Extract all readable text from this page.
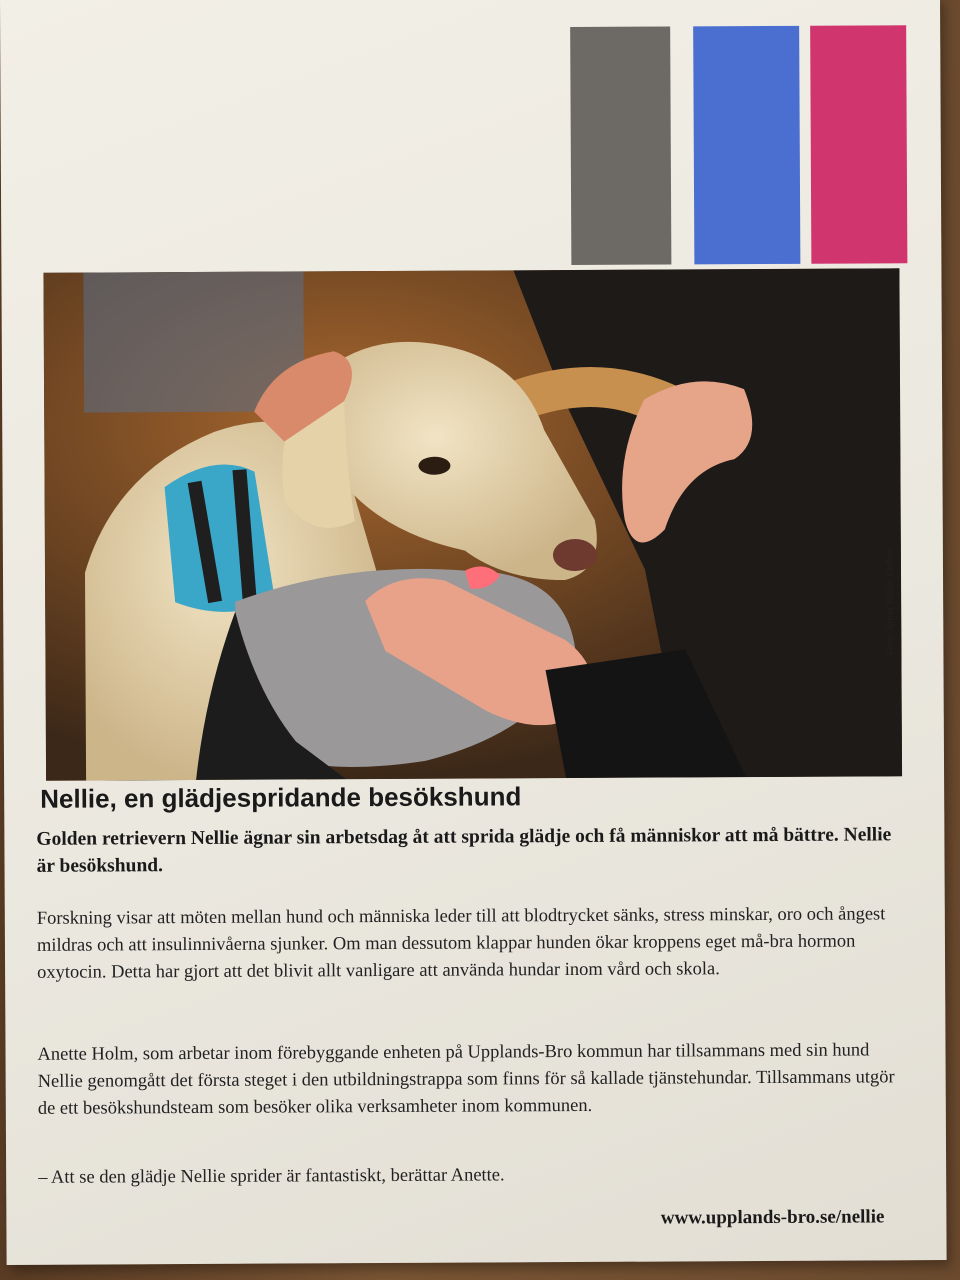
Foto: Anna Malm Kelfve
Nellie, en glädjespridande besökshund

Golden retrievern Nellie ägnar sin arbetsdag åt att sprida glädje och få människor att må bättre. Nellie är besökshund.

Forskning visar att möten mellan hund och människa leder till att blodtrycket sänks, stress minskar, oro och ångest mildras och att insulinnivåerna sjunker. Om man dessutom klappar hunden ökar kroppens eget må-bra hormon oxytocin. Detta har gjort att det blivit allt vanligare att använda hundar inom vård och skola.

Anette Holm, som arbetar inom förebyggande enheten på Upplands-Bro kommun har tillsammans med sin hund Nellie genomgått det första steget i den utbildningstrappa som finns för så kallade tjänstehundar. Tillsammans utgör de ett besökshundsteam som besöker olika verksamheter inom kommunen.

– Att se den glädje Nellie sprider är fantastiskt, berättar Anette.

www.upplands-bro.se/nellie
